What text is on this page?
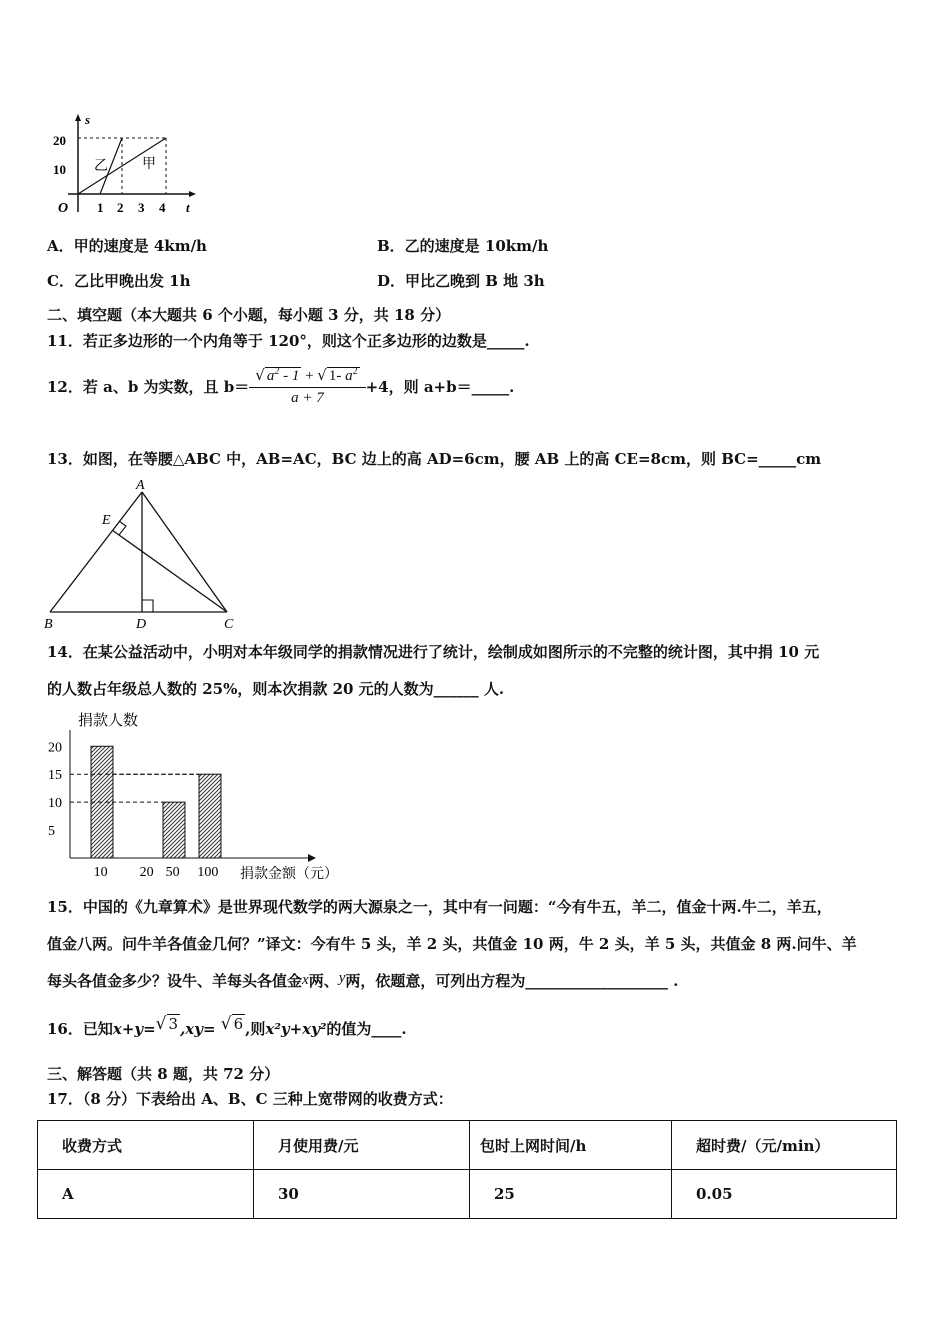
s
t
O
20
10
1 2 3 4
乙 甲
A．甲的速度是 4km/h	B．乙的速度是 10km/h
C．乙比甲晚出发 1h	D．甲比乙晚到 B 地 3h
二、填空题（本大题共 6 个小题，每小题 3 分，共 18 分）
11．若正多边形的一个内角等于 120°，则这个正多边形的边数是_____.
12．若 a、b 为实数，且 $b= \frac{√ a^2 - 1 + √ 1- a^2}{a + 7} +4$，则 a+b＝_____.
13．如图，在等腰△ABC 中，AB=AC，BC 边上的高 AD=6cm，腰 AB 上的高 CE=8cm，则 BC=_____cm
A
E
B	D	C
14．在某公益活动中，小明对本年级同学的捐款情况进行了统计，绘制成如图所示的不完整的统计图，其中捐 10 元
的人数占年级总人数的 25%，则本次捐款 20 元的人数为______ 人.
捐款人数
捐款金额（元）
5
10
15
20
10 20 50 100
15．中国的《九章算术》是世界现代数学的两大源泉之一，其中有一问题：“今有牛五，羊二，值金十两.牛二，羊五，
值金八两。问牛羊各值金几何？”译文：今有牛 5 头，羊 2 头，共值金 10 两，牛 2 头，羊 5 头，共值金 8 两.问牛、羊
每头各值金多少？设牛、羊每头各值金x两、y两，依题意，可列出方程为___________________ .
16．已知x+y=√ 3 ,xy= √ 6 ,则x²y+xy²的值为____.
三、解答题（共 8 题，共 72 分）
17．（8 分）下表给出 A、B、C 三种上宽带网的收费方式：
收费方式	月使用费/元	包时上网时间/h	超时费/（元/min）
A	30	25	0.05
